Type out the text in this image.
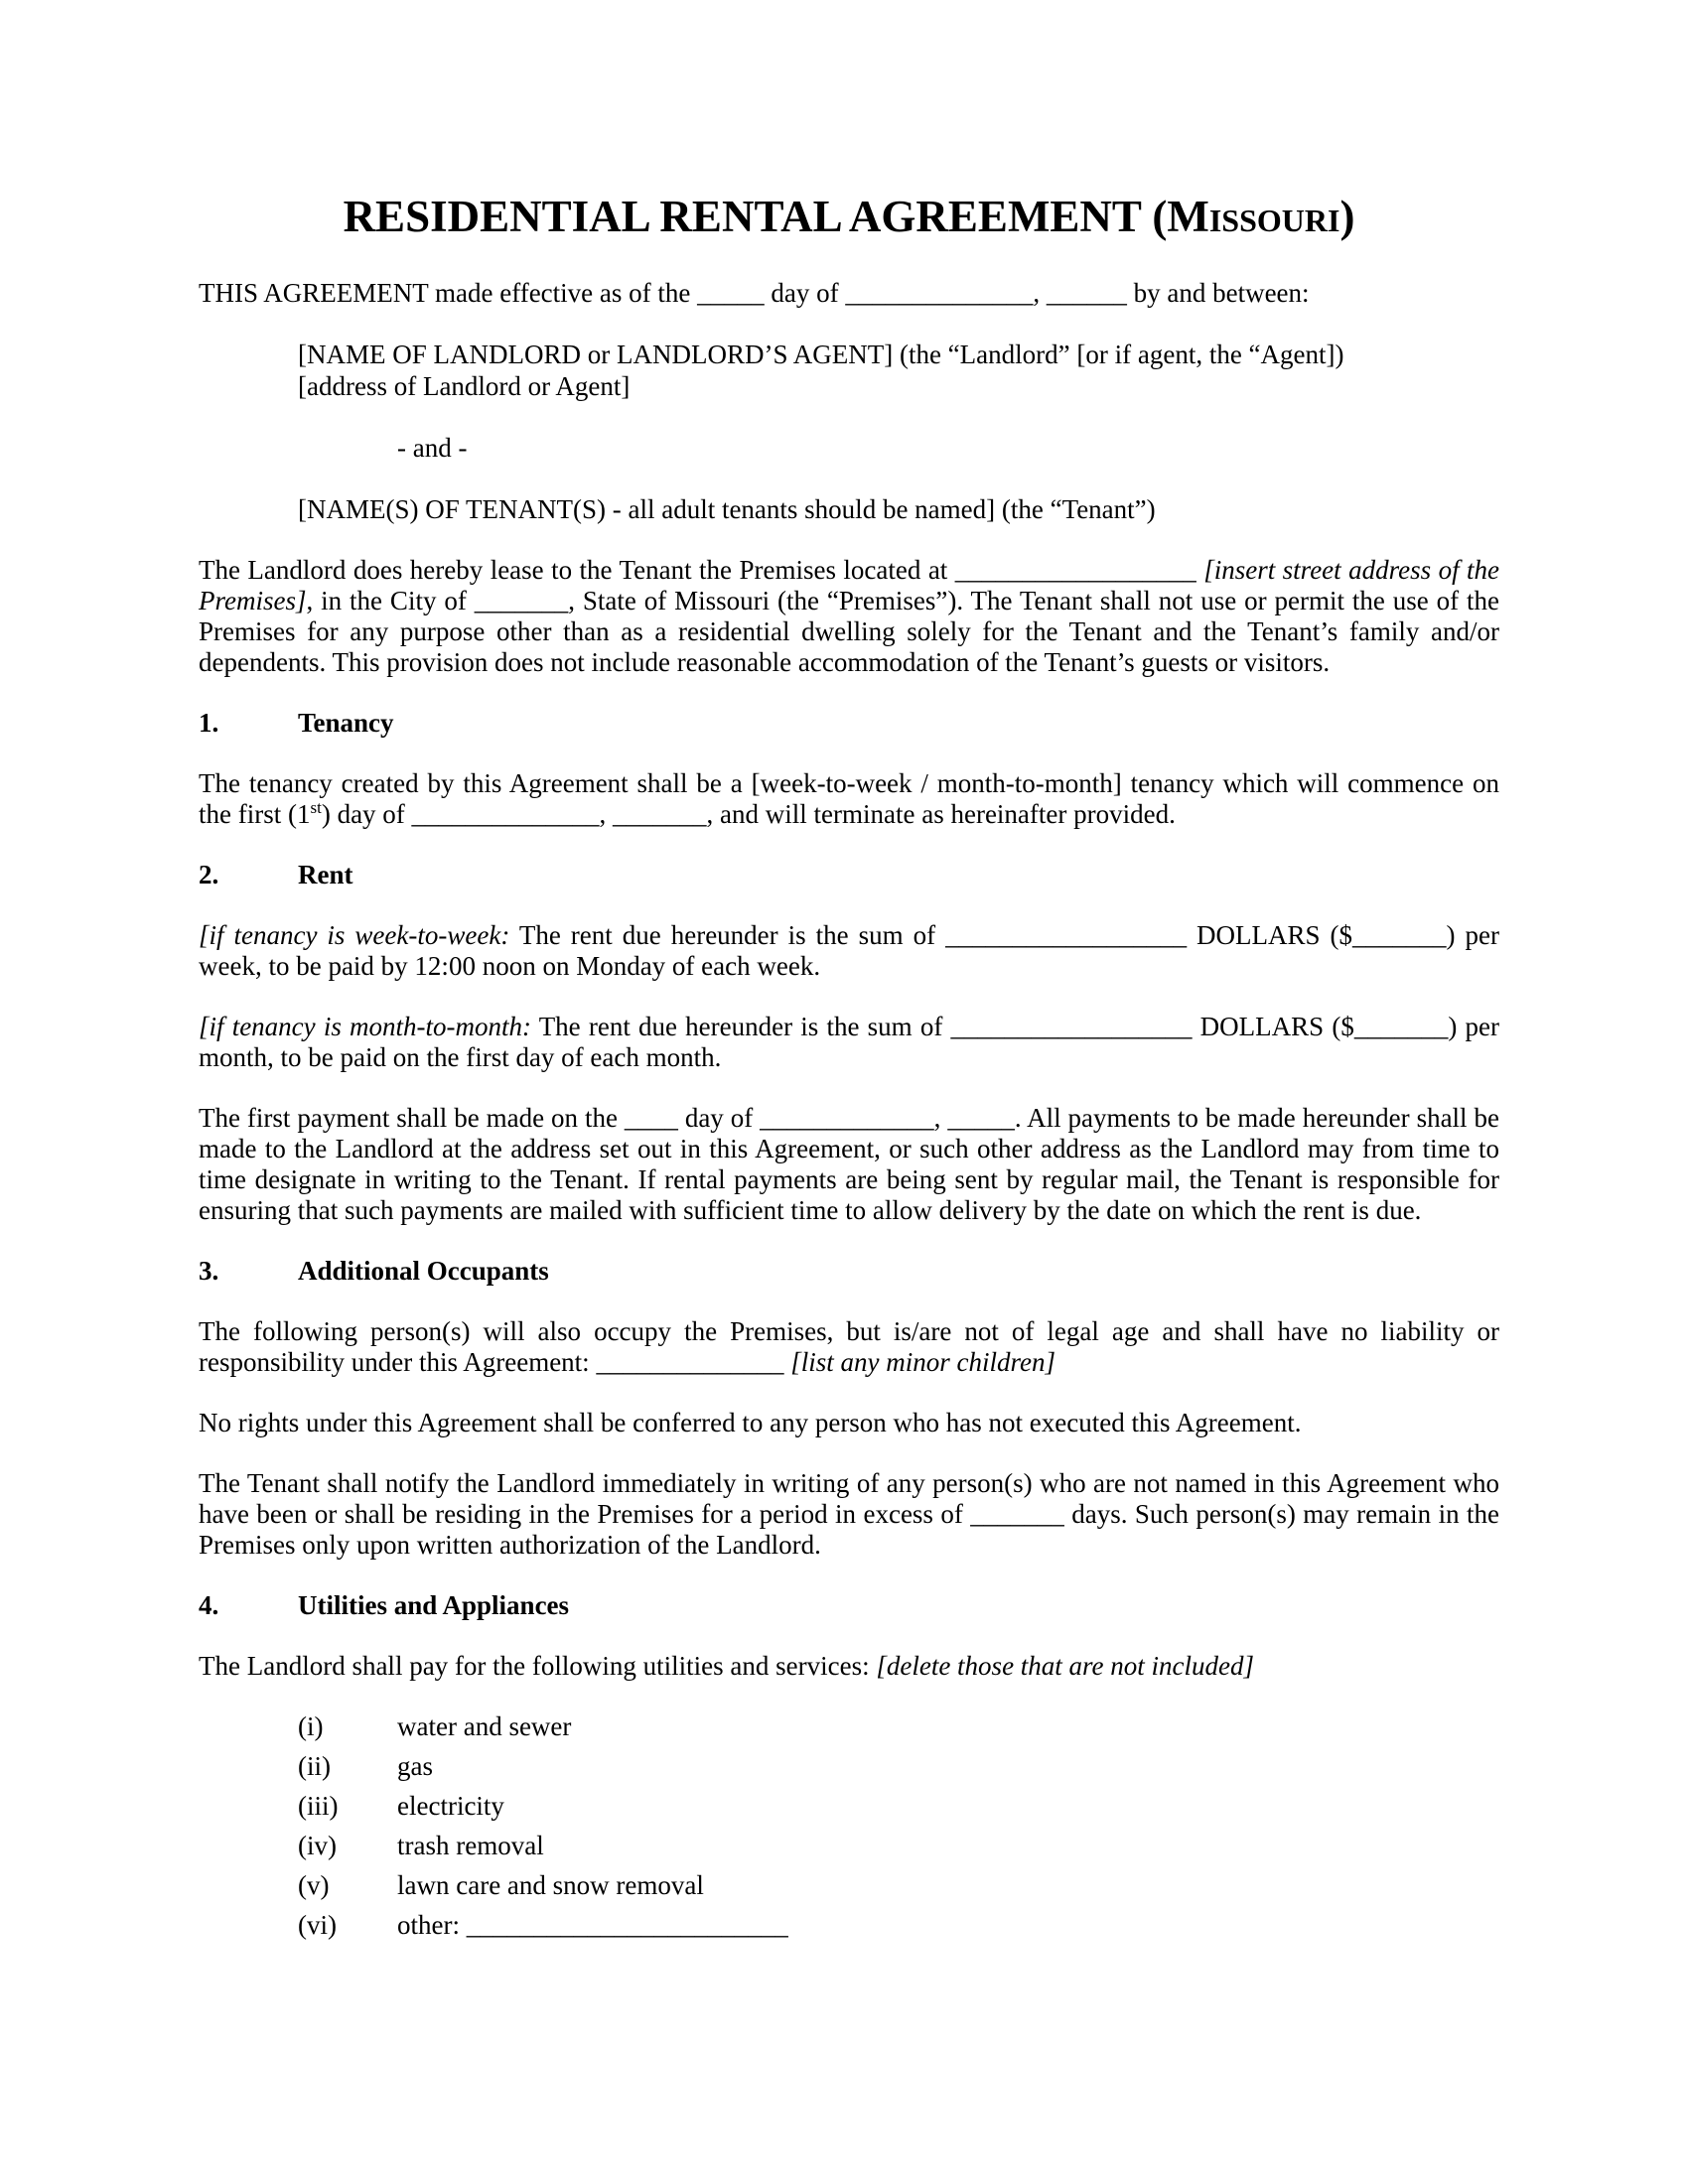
RESIDENTIAL RENTAL AGREEMENT (Missouri)

THIS AGREEMENT made effective as of the _____ day of ______________, ______ by and between:

[NAME OF LANDLORD or LANDLORD’S AGENT] (the “Landlord” [or if agent, the “Agent])
[address of Landlord or Agent]
- and -
[NAME(S) OF TENANT(S) - all adult tenants should be named] (the “Tenant”)

The Landlord does hereby lease to the Tenant the Premises located at __________________ [insert street address of the Premises], in the City of _______, State of Missouri (the “Premises”). The Tenant shall not use or permit the use of the Premises for any purpose other than as a residential dwelling solely for the Tenant and the Tenant’s family and/or dependents. This provision does not include reasonable accommodation of the Tenant’s guests or visitors.

1.	Tenancy

The tenancy created by this Agreement shall be a [week-to-week / month-to-month] tenancy which will commence on the first (1st) day of ______________, _______, and will terminate as hereinafter provided.

2.	Rent

[if tenancy is week-to-week: The rent due hereunder is the sum of __________________ DOLLARS ($_______) per week, to be paid by 12:00 noon on Monday of each week.

[if tenancy is month-to-month: The rent due hereunder is the sum of __________________ DOLLARS ($_______) per month, to be paid on the first day of each month.

The first payment shall be made on the ____ day of _____________, _____. All payments to be made hereunder shall be made to the Landlord at the address set out in this Agreement, or such other address as the Landlord may from time to time designate in writing to the Tenant. If rental payments are being sent by regular mail, the Tenant is responsible for ensuring that such payments are mailed with sufficient time to allow delivery by the date on which the rent is due.

3.	Additional Occupants

The following person(s) will also occupy the Premises, but is/are not of legal age and shall have no liability or responsibility under this Agreement: ______________ [list any minor children]

No rights under this Agreement shall be conferred to any person who has not executed this Agreement.

The Tenant shall notify the Landlord immediately in writing of any person(s) who are not named in this Agreement who have been or shall be residing in the Premises for a period in excess of _______ days. Such person(s) may remain in the Premises only upon written authorization of the Landlord.

4.	Utilities and Appliances

The Landlord shall pay for the following utilities and services: [delete those that are not included]

(i)	water and sewer
(ii)	gas
(iii)	electricity
(iv)	trash removal
(v)	lawn care and snow removal
(vi)	other: ________________________
